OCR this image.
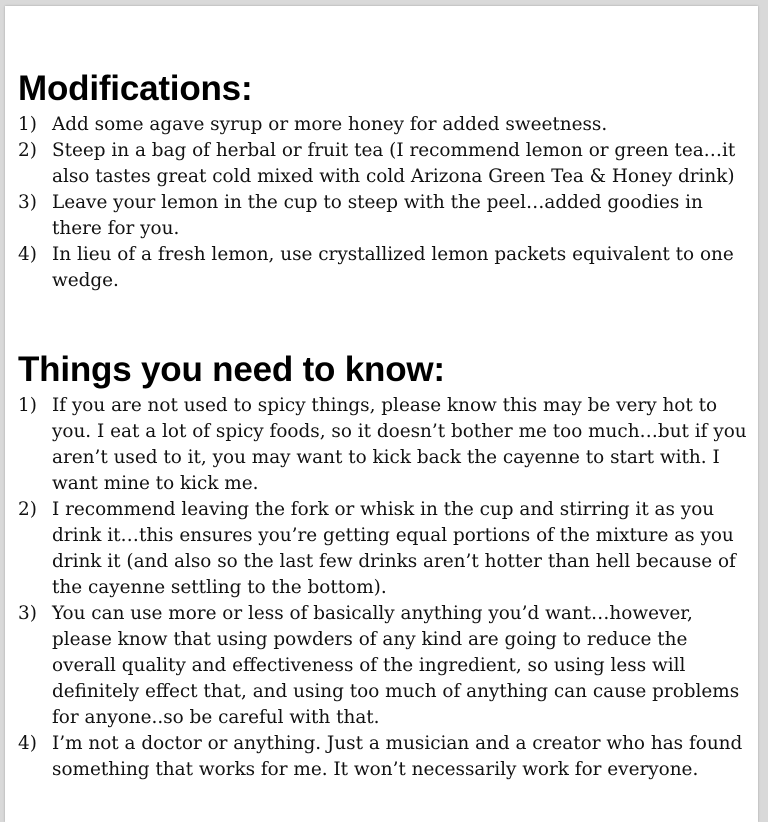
Modifications:
1) Add some agave syrup or more honey for added sweetness.
2) Steep in a bag of herbal or fruit tea (I recommend lemon or green tea…it also tastes great cold mixed with cold Arizona Green Tea & Honey drink)
3) Leave your lemon in the cup to steep with the peel…added goodies in there for you.
4) In lieu of a fresh lemon, use crystallized lemon packets equivalent to one wedge.
Things you need to know:
1) If you are not used to spicy things, please know this may be very hot to you. I eat a lot of spicy foods, so it doesn’t bother me too much…but if you aren’t used to it, you may want to kick back the cayenne to start with. I want mine to kick me.
2) I recommend leaving the fork or whisk in the cup and stirring it as you drink it…this ensures you’re getting equal portions of the mixture as you drink it (and also so the last few drinks aren’t hotter than hell because of the cayenne settling to the bottom).
3) You can use more or less of basically anything you’d want…however, please know that using powders of any kind are going to reduce the overall quality and effectiveness of the ingredient, so using less will definitely effect that, and using too much of anything can cause problems for anyone..so be careful with that.
4) I’m not a doctor or anything. Just a musician and a creator who has found something that works for me. It won’t necessarily work for everyone.
